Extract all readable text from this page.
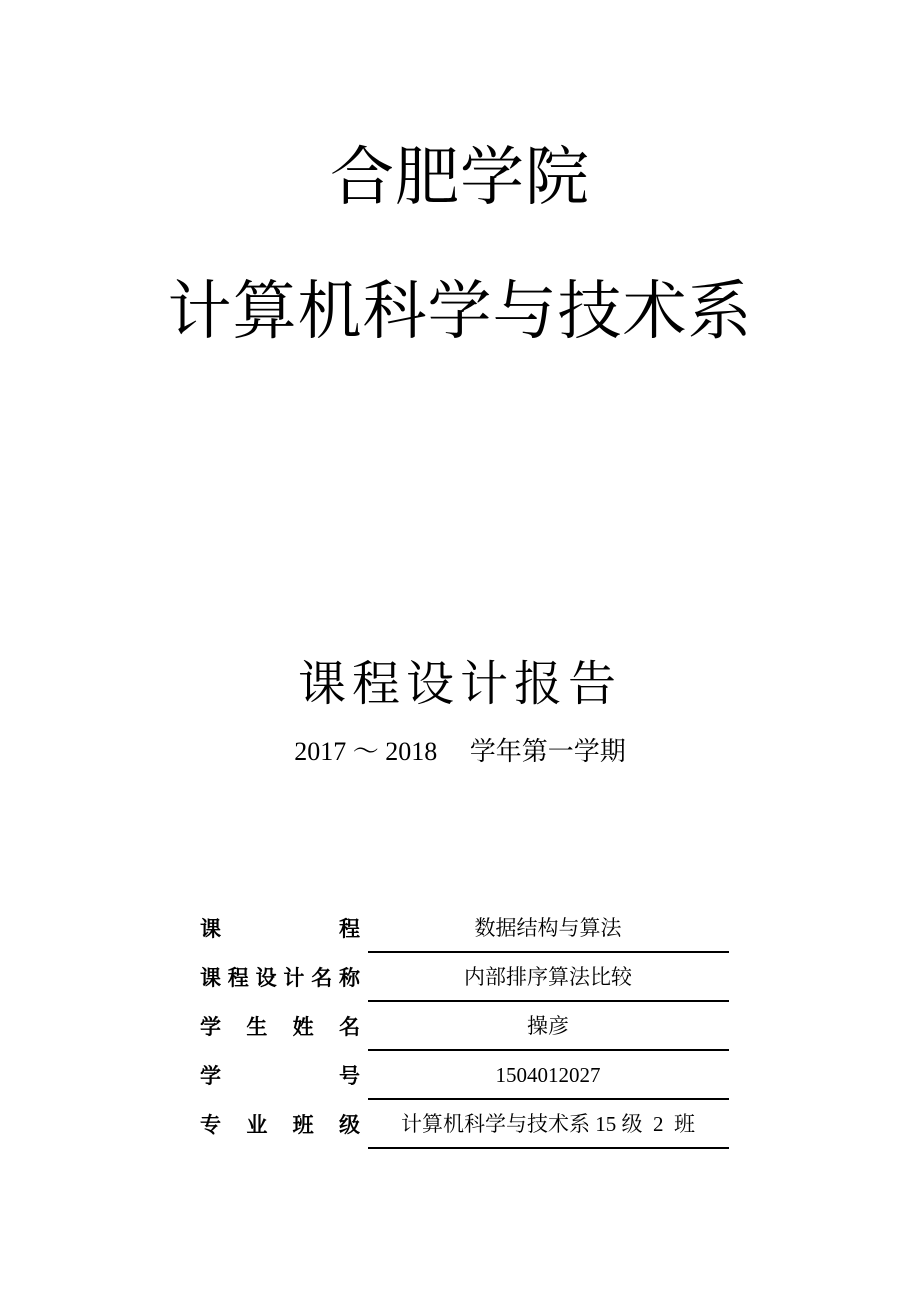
合肥学院
计算机科学与技术系
课程设计报告
2017 ～ 2018     学年第一学期
课	程	数据结构与算法
课 程 设 计 名 称	内部排序算法比较
学 生 姓 名	操彦
学	号	1504012027
专 业 班 级	计算机科学与技术系 15 级  2  班
